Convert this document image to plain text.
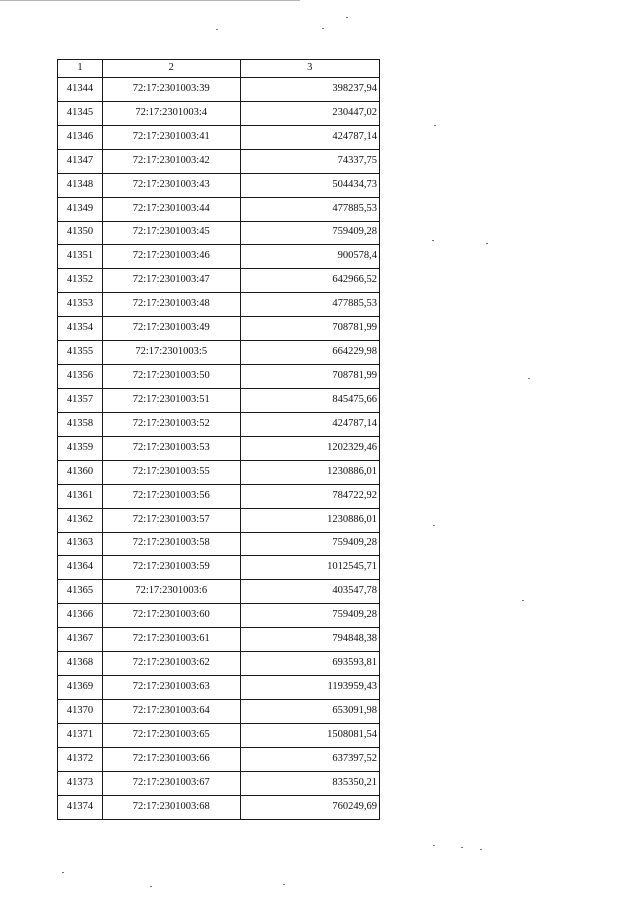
1	2	3
41344	72:17:2301003:39	398237,94
41345	72:17:2301003:4	230447,02
41346	72:17:2301003:41	424787,14
41347	72:17:2301003:42	74337,75
41348	72:17:2301003:43	504434,73
41349	72:17:2301003:44	477885,53
41350	72:17:2301003:45	759409,28
41351	72:17:2301003:46	900578,4
41352	72:17:2301003:47	642966,52
41353	72:17:2301003:48	477885,53
41354	72:17:2301003:49	708781,99
41355	72:17:2301003:5	664229,98
41356	72:17:2301003:50	708781,99
41357	72:17:2301003:51	845475,66
41358	72:17:2301003:52	424787,14
41359	72:17:2301003:53	1202329,46
41360	72:17:2301003:55	1230886,01
41361	72:17:2301003:56	784722,92
41362	72:17:2301003:57	1230886,01
41363	72:17:2301003:58	759409,28
41364	72:17:2301003:59	1012545,71
41365	72:17:2301003:6	403547,78
41366	72:17:2301003:60	759409,28
41367	72:17:2301003:61	794848,38
41368	72:17:2301003:62	693593,81
41369	72:17:2301003:63	1193959,43
41370	72:17:2301003:64	653091,98
41371	72:17:2301003:65	1508081,54
41372	72:17:2301003:66	637397,52
41373	72:17:2301003:67	835350,21
41374	72:17:2301003:68	760249,69
